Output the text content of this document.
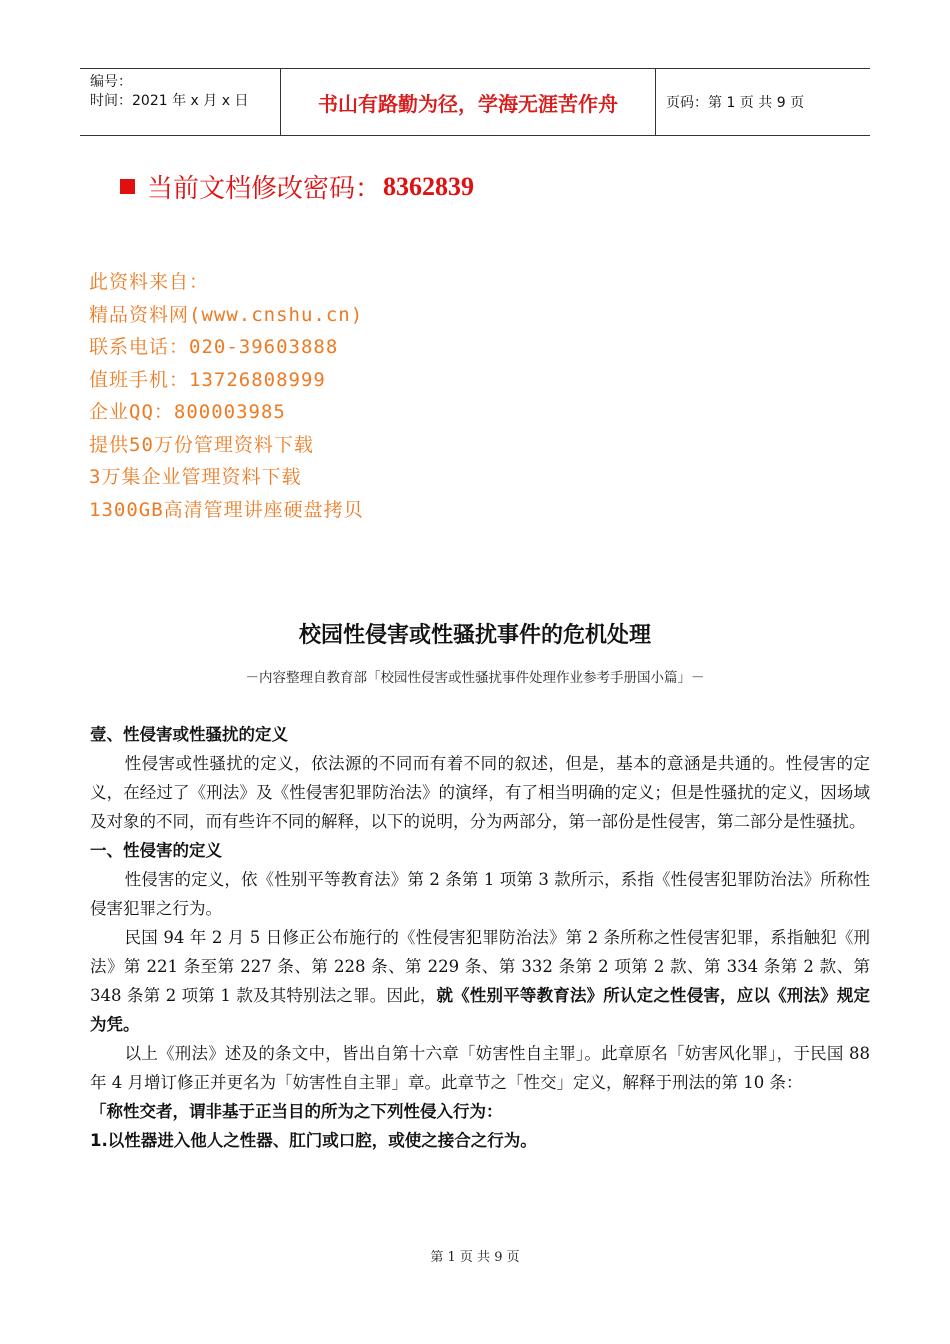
编号：
时间：2021 年 x 月 x 日	书山有路勤为径，学海无涯苦作舟	页码：第 1 页 共 9 页
当前文档修改密码： 8362839
此资料来自：
精品资料网(www.cnshu.cn)
联系电话：020-39603888
值班手机：13726808999
企业QQ：800003985
提供50万份管理资料下载
3万集企业管理资料下载
1300GB高清管理讲座硬盘拷贝
校园性侵害或性骚扰事件的危机处理
－内容整理自教育部「校园性侵害或性骚扰事件处理作业参考手册国小篇」－

壹、性侵害或性骚扰的定义

性侵害或性骚扰的定义，依法源的不同而有着不同的叙述，但是，基本的意涵是共通的。性侵害的定义，在经过了《刑法》及《性侵害犯罪防治法》的演绎，有了相当明确的定义；但是性骚扰的定义，因场域及对象的不同，而有些许不同的解释，以下的说明，分为两部分，第一部份是性侵害，第二部分是性骚扰。

一、性侵害的定义

性侵害的定义，依《性别平等教育法》第 2 条第 1 项第 3 款所示，系指《性侵害犯罪防治法》所称性侵害犯罪之行为。

民国 94 年 2 月 5 日修正公布施行的《性侵害犯罪防治法》第 2 条所称之性侵害犯罪，系指触犯《刑法》第 221 条至第 227 条、第 228 条、第 229 条、第 332 条第 2 项第 2 款、第 334 条第 2 款、第 348 条第 2 项第 1 款及其特别法之罪。因此，就《性别平等教育法》所认定之性侵害，应以《刑法》规定为凭。

以上《刑法》述及的条文中，皆出自第十六章「妨害性自主罪」。此章原名「妨害风化罪」，于民国 88 年 4 月增订修正并更名为「妨害性自主罪」章。此章节之「性交」定义，解释于刑法的第 10 条：

「称性交者，谓非基于正当目的所为之下列性侵入行为：

1.以性器进入他人之性器、肛门或口腔，或使之接合之行为。

第 1 页 共 9 页
